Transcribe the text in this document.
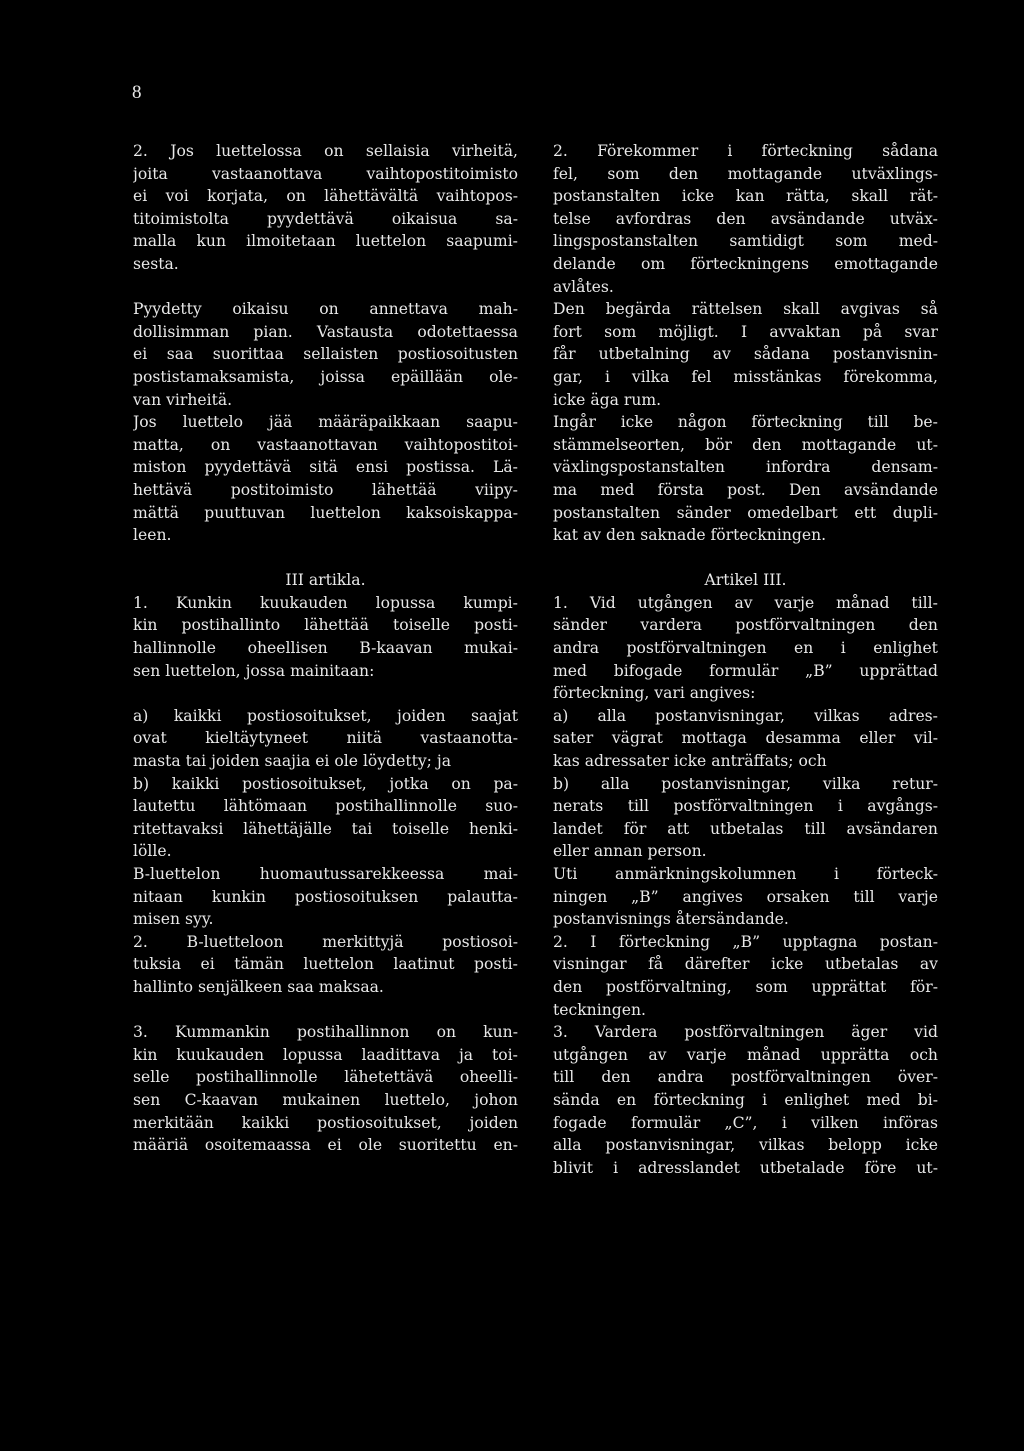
8
2. Jos luettelossa on sellaisia virheitä,
joita	vastaanottava	vaihtopostitoimisto
ei voi korjata, on lähettävältä vaihtopos-
titoimistolta pyydettävä oikaisua sa-
malla kun ilmoitetaan luettelon saapumi-
sesta.
Pyydetty oikaisu on annettava mah-
dollisimman pian. Vastausta odotettaessa
ei saa suorittaa sellaisten postiosoitusten
postistamaksamista, joissa epäillään ole-
van virheitä.
Jos luettelo jää määräpaikkaan saapu-
matta, on vastaanottavan vaihtopostitoi-
miston pyydettävä sitä ensi postissa. Lä-
hettävä postitoimisto lähettää viipy-
mättä puuttuvan luettelon kaksoiskappa-
leen.
III artikla.
1. Kunkin kuukauden lopussa kumpi-
kin postihallinto lähettää toiselle posti-
hallinnolle oheellisen B-kaavan mukai-
sen luettelon, jossa mainitaan:
a) kaikki postiosoitukset, joiden saajat
ovat kieltäytyneet niitä vastaanotta-
masta tai joiden saajia ei ole löydetty; ja
b) kaikki postiosoitukset, jotka on pa-
lautettu lähtömaan postihallinnolle suo-
ritettavaksi lähettäjälle tai toiselle henki-
lölle.
B-luettelon	huomautussarekkeessa	mai-
nitaan kunkin postiosoituksen palautta-
misen syy.
2. B-luetteloon merkittyjä postiosoi-
tuksia ei tämän luettelon laatinut posti-
hallinto senjälkeen saa maksaa.
3. Kummankin postihallinnon on kun-
kin kuukauden lopussa laadittava ja toi-
selle postihallinnolle lähetettävä oheelli-
sen C-kaavan mukainen luettelo, johon
merkitään kaikki postiosoitukset, joiden
määriä osoitemaassa ei ole suoritettu en-
2. Förekommer i förteckning sådana
fel, som den mottagande utväxlings-
postanstalten icke kan rätta, skall rät-
telse avfordras den avsändande utväx-
lingspostanstalten samtidigt som med-
delande om förteckningens emottagande
avlåtes.
Den begärda rättelsen skall avgivas så
fort som möjligt. I avvaktan på svar
får utbetalning av sådana postanvisnin-
gar, i vilka fel misstänkas förekomma,
icke äga rum.
Ingår icke någon förteckning till be-
stämmelseorten, bör den mottagande ut-
växlingspostanstalten	infordra	densam-
ma med första post. Den avsändande
postanstalten sänder omedelbart ett dupli-
kat av den saknade förteckningen.
Artikel III.
1. Vid utgången av varje månad till-
sänder vardera postförvaltningen den
andra postförvaltningen en i enlighet
med bifogade formulär „B” upprättad
förteckning, vari angives:
a) alla postanvisningar, vilkas adres-
sater vägrat mottaga desamma eller vil-
kas adressater icke anträffats; och
b) alla postanvisningar, vilka retur-
nerats till postförvaltningen i avgångs-
landet för att utbetalas till avsändaren
eller annan person.
Uti anmärkningskolumnen i förteck-
ningen „B” angives orsaken till varje
postanvisnings återsändande.
2. I förteckning „B” upptagna postan-
visningar få därefter icke utbetalas av
den postförvaltning, som upprättat för-
teckningen.
3. Vardera postförvaltningen äger vid
utgången av varje månad upprätta och
till den andra postförvaltningen över-
sända en förteckning i enlighet med bi-
fogade formulär „C”, i vilken införas
alla postanvisningar, vilkas belopp icke
blivit i adresslandet utbetalade före ut-
